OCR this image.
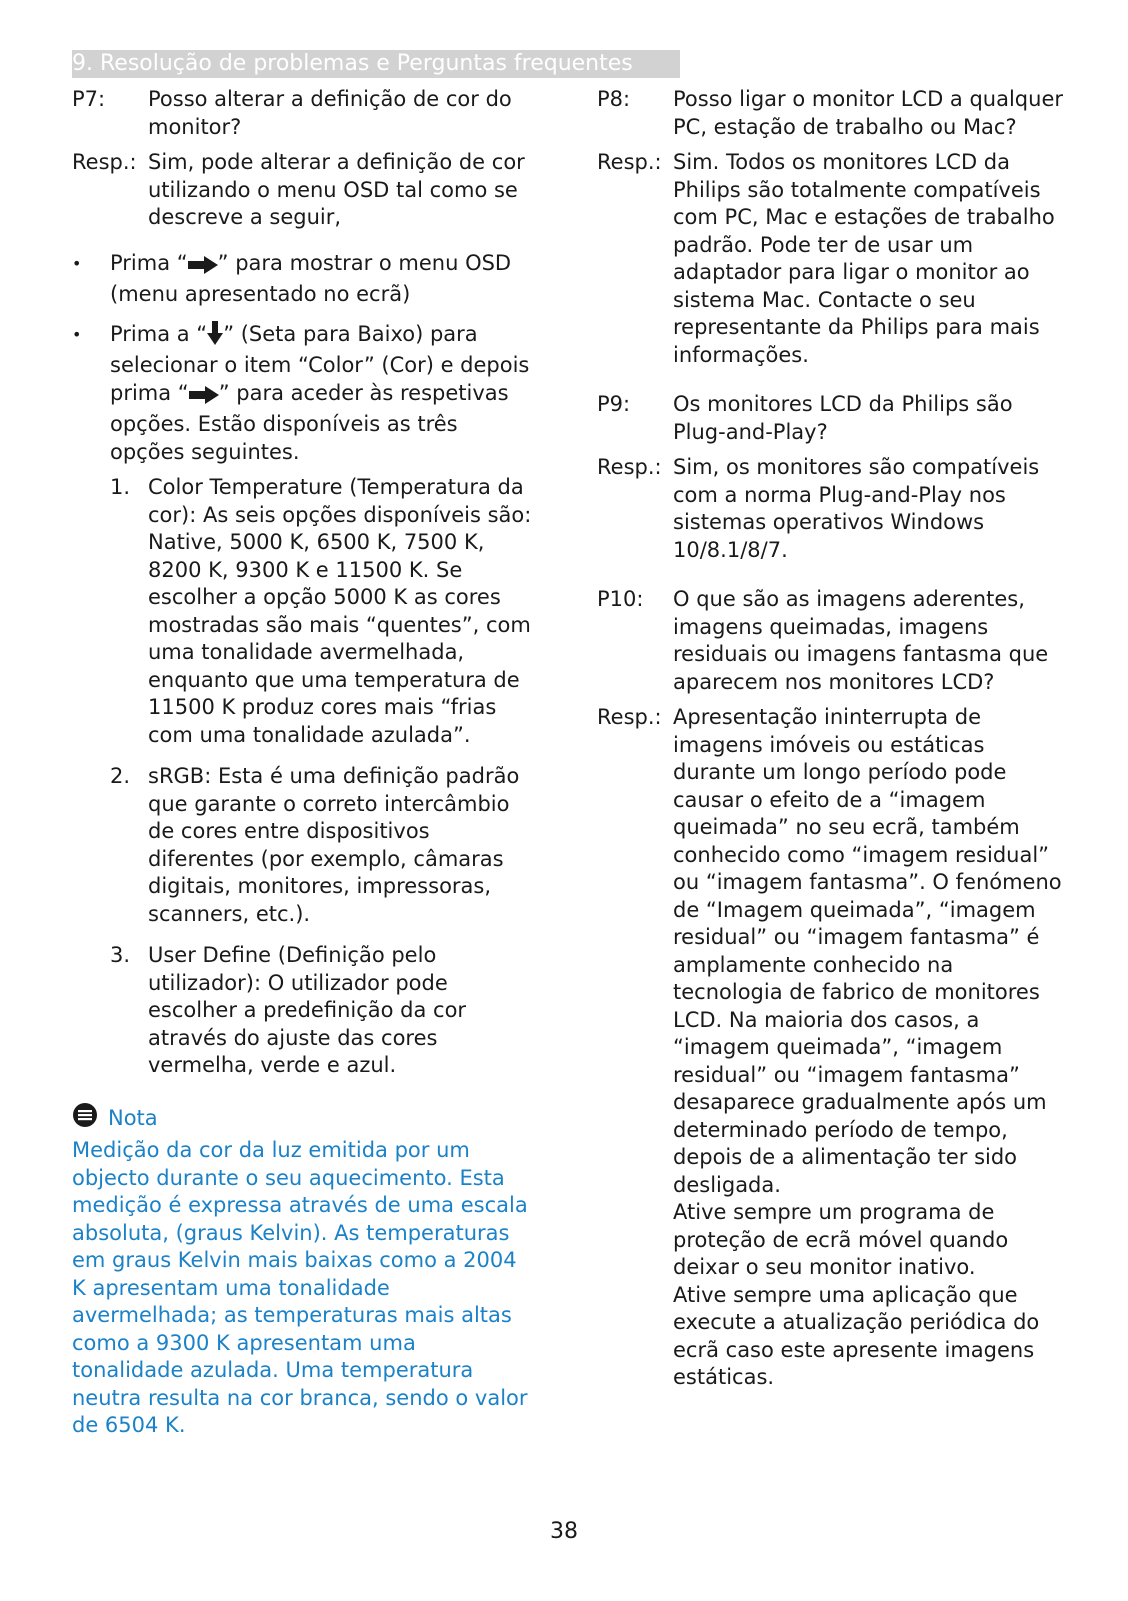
9. Resolução de problemas e Perguntas frequentes
P7:	Posso alterar a definição de cor do monitor?
Resp.: Sim, pode alterar a definição de cor utilizando o menu OSD tal como se descreve a seguir,
•	Prima “ ” para mostrar o menu OSD (menu apresentado no ecrã)
•	Prima a “ ” (Seta para Baixo) para selecionar o item “Color” (Cor) e depois prima “ ” para aceder às respetivas opções. Estão disponíveis as três opções seguintes.
1. Color Temperature (Temperatura da cor): As seis opções disponíveis são: Native, 5000 K, 6500 K, 7500 K, 8200 K, 9300 K e 11500 K. Se escolher a opção 5000 K as cores mostradas são mais “quentes”, com uma tonalidade avermelhada, enquanto que uma temperatura de 11500 K produz cores mais “frias com uma tonalidade azulada”.
2. sRGB: Esta é uma definição padrão que garante o correto intercâmbio de cores entre dispositivos diferentes (por exemplo, câmaras digitais, monitores, impressoras, scanners, etc.).
3. User Define (Definição pelo utilizador): O utilizador pode escolher a predefinição da cor através do ajuste das cores vermelha, verde e azul.
Nota
Medição da cor da luz emitida por um objecto durante o seu aquecimento. Esta medição é expressa através de uma escala absoluta, (graus Kelvin). As temperaturas em graus Kelvin mais baixas como a 2004 K apresentam uma tonalidade avermelhada; as temperaturas mais altas como a 9300 K apresentam uma tonalidade azulada. Uma temperatura neutra resulta na cor branca, sendo o valor de 6504 K.
P8:	Posso ligar o monitor LCD a qualquer PC, estação de trabalho ou Mac?
Resp.: Sim. Todos os monitores LCD da Philips são totalmente compatíveis com PC, Mac e estações de trabalho padrão. Pode ter de usar um adaptador para ligar o monitor ao sistema Mac. Contacte o seu representante da Philips para mais informações.
P9:	Os monitores LCD da Philips são Plug-and-Play?
Resp.: Sim, os monitores são compatíveis com a norma Plug-and-Play nos sistemas operativos Windows 10/8.1/8/7.
P10:	O que são as imagens aderentes, imagens queimadas, imagens residuais ou imagens fantasma que aparecem nos monitores LCD?
Resp.: Apresentação ininterrupta de imagens imóveis ou estáticas durante um longo período pode causar o efeito de a “imagem queimada” no seu ecrã, também conhecido como “imagem residual” ou “imagem fantasma”. O fenómeno de “Imagem queimada”, “imagem residual” ou “imagem fantasma” é amplamente conhecido na tecnologia de fabrico de monitores LCD. Na maioria dos casos, a “imagem queimada”, “imagem residual” ou “imagem fantasma” desaparece gradualmente após um determinado período de tempo, depois de a alimentação ter sido desligada.
Ative sempre um programa de proteção de ecrã móvel quando deixar o seu monitor inativo.
Ative sempre uma aplicação que execute a atualização periódica do ecrã caso este apresente imagens estáticas.
38
